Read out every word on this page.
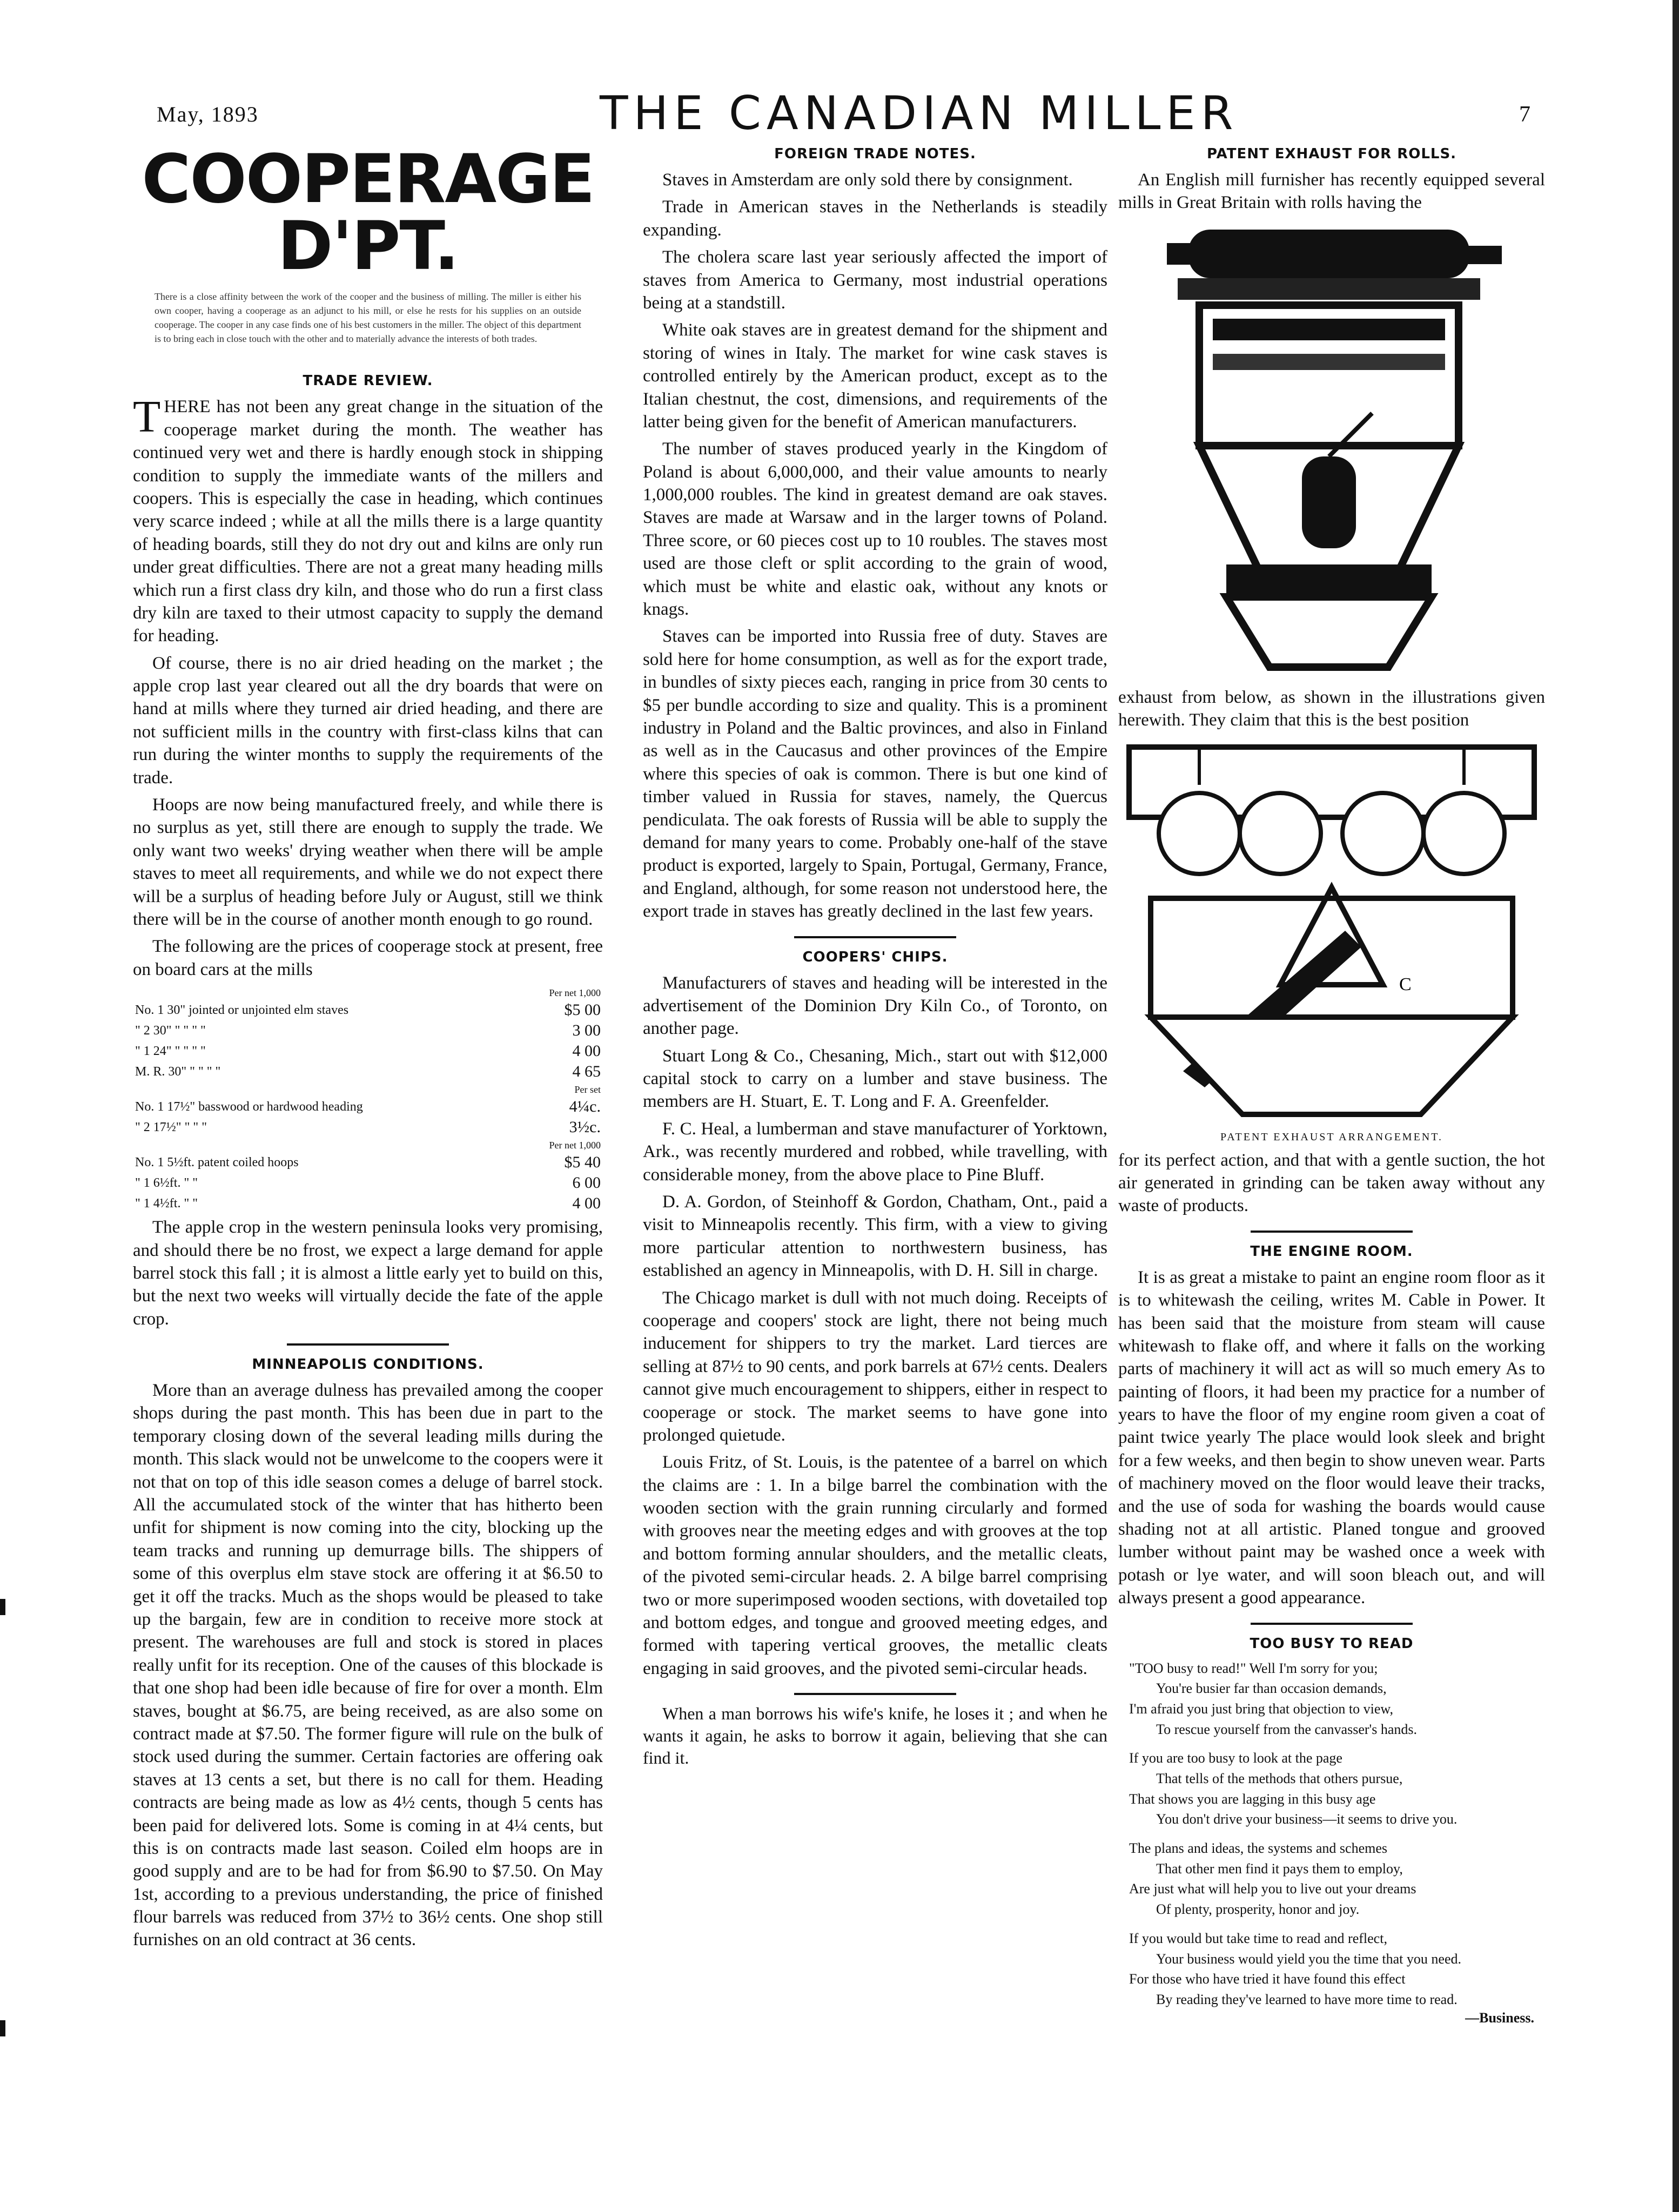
May, 1893	THE CANADIAN MILLER	7
COOPERAGE D'PT.
There is a close affinity between the work of the cooper and the business of milling. The miller is either his own cooper, having a cooperage as an adjunct to his mill, or else he rests for his supplies on an outside cooperage. The cooper in any case finds one of his best customers in the miller. The object of this department is to bring each in close touch with the other and to materially advance the interests of both trades.
TRADE REVIEW.

THERE has not been any great change in the situation of the cooperage market during the month. The weather has continued very wet and there is hardly enough stock in shipping condition to supply the immediate wants of the millers and coopers. This is especially the case in heading, which continues very scarce indeed ; while at all the mills there is a large quantity of heading boards, still they do not dry out and kilns are only run under great difficulties. There are not a great many heading mills which run a first class dry kiln, and those who do run a first class dry kiln are taxed to their utmost capacity to supply the demand for heading.

Of course, there is no air dried heading on the market ; the apple crop last year cleared out all the dry boards that were on hand at mills where they turned air dried heading, and there are not sufficient mills in the country with first-class kilns that can run during the winter months to supply the requirements of the trade.

Hoops are now being manufactured freely, and while there is no surplus as yet, still there are enough to supply the trade. We only want two weeks' drying weather when there will be ample staves to meet all requirements, and while we do not expect there will be a surplus of heading before July or August, still we think there will be in the course of another month enough to go round.

The following are the prices of cooperage stock at present, free on board cars at the mills

	Per net 1,000
No. 1 30" jointed or unjointed elm staves	$5 00
" 2 30" " " " "	3 00
" 1 24" " " " "	4 00
M. R. 30" " " " "	4 65
	Per set
No. 1 17½" basswood or hardwood heading	4¼c.
" 2 17½" " " "	3½c.
	Per net 1,000
No. 1 5½ft. patent coiled hoops	$5 40
" 1 6½ft. " "	6 00
" 1 4½ft. " "	4 00

The apple crop in the western peninsula looks very promising, and should there be no frost, we expect a large demand for apple barrel stock this fall ; it is almost a little early yet to build on this, but the next two weeks will virtually decide the fate of the apple crop.

MINNEAPOLIS CONDITIONS.

More than an average dulness has prevailed among the cooper shops during the past month. This has been due in part to the temporary closing down of the several leading mills during the month. This slack would not be unwelcome to the coopers were it not that on top of this idle season comes a deluge of barrel stock. All the accumulated stock of the winter that has hitherto been unfit for shipment is now coming into the city, blocking up the team tracks and running up demurrage bills. The shippers of some of this overplus elm stave stock are offering it at $6.50 to get it off the tracks. Much as the shops would be pleased to take up the bargain, few are in condition to receive more stock at present. The warehouses are full and stock is stored in places really unfit for its reception. One of the causes of this blockade is that one shop had been idle because of fire for over a month. Elm staves, bought at $6.75, are being received, as are also some on contract made at $7.50. The former figure will rule on the bulk of stock used during the summer. Certain factories are offering oak staves at 13 cents a set, but there is no call for them. Heading contracts are being made as low as 4½ cents, though 5 cents has been paid for delivered lots. Some is coming in at 4¼ cents, but this is on contracts made last season. Coiled elm hoops are in good supply and are to be had for from $6.90 to $7.50. On May 1st, according to a previous understanding, the price of finished flour barrels was reduced from 37½ to 36½ cents. One shop still furnishes on an old contract at 36 cents.

FOREIGN TRADE NOTES.

Staves in Amsterdam are only sold there by consignment.

Trade in American staves in the Netherlands is steadily expanding.

The cholera scare last year seriously affected the import of staves from America to Germany, most industrial operations being at a standstill.

White oak staves are in greatest demand for the shipment and storing of wines in Italy. The market for wine cask staves is controlled entirely by the American product, except as to the Italian chestnut, the cost, dimensions, and requirements of the latter being given for the benefit of American manufacturers.

The number of staves produced yearly in the Kingdom of Poland is about 6,000,000, and their value amounts to nearly 1,000,000 roubles. The kind in greatest demand are oak staves. Staves are made at Warsaw and in the larger towns of Poland. Three score, or 60 pieces cost up to 10 roubles. The staves most used are those cleft or split according to the grain of wood, which must be white and elastic oak, without any knots or knags.

Staves can be imported into Russia free of duty. Staves are sold here for home consumption, as well as for the export trade, in bundles of sixty pieces each, ranging in price from 30 cents to $5 per bundle according to size and quality. This is a prominent industry in Poland and the Baltic provinces, and also in Finland as well as in the Caucasus and other provinces of the Empire where this species of oak is common. There is but one kind of timber valued in Russia for staves, namely, the Quercus pendiculata. The oak forests of Russia will be able to supply the demand for many years to come. Probably one-half of the stave product is exported, largely to Spain, Portugal, Germany, France, and England, although, for some reason not understood here, the export trade in staves has greatly declined in the last few years.

COOPERS' CHIPS.

Manufacturers of staves and heading will be interested in the advertisement of the Dominion Dry Kiln Co., of Toronto, on another page.

Stuart Long & Co., Chesaning, Mich., start out with $12,000 capital stock to carry on a lumber and stave business. The members are H. Stuart, E. T. Long and F. A. Greenfelder.

F. C. Heal, a lumberman and stave manufacturer of Yorktown, Ark., was recently murdered and robbed, while travelling, with considerable money, from the above place to Pine Bluff.

D. A. Gordon, of Steinhoff & Gordon, Chatham, Ont., paid a visit to Minneapolis recently. This firm, with a view to giving more particular attention to northwestern business, has established an agency in Minneapolis, with D. H. Sill in charge.

The Chicago market is dull with not much doing. Receipts of cooperage and coopers' stock are light, there not being much inducement for shippers to try the market. Lard tierces are selling at 87½ to 90 cents, and pork barrels at 67½ cents. Dealers cannot give much encouragement to shippers, either in respect to cooperage or stock. The market seems to have gone into prolonged quietude.

Louis Fritz, of St. Louis, is the patentee of a barrel on which the claims are : 1. In a bilge barrel the combination with the wooden section with the grain running circularly and formed with grooves near the meeting edges and with grooves at the top and bottom forming annular shoulders, and the metallic cleats, of the pivoted semi-circular heads. 2. A bilge barrel comprising two or more superimposed wooden sections, with dovetailed top and bottom edges, and tongue and grooved meeting edges, and formed with tapering vertical grooves, the metallic cleats engaging in said grooves, and the pivoted semi-circular heads.

When a man borrows his wife's knife, he loses it ; and when he wants it again, he asks to borrow it again, believing that she can find it.
PATENT EXHAUST FOR ROLLS.

An English mill furnisher has recently equipped several mills in Great Britain with rolls having the

exhaust from below, as shown in the illustrations given herewith. They claim that this is the best position

C
PATENT EXHAUST ARRANGEMENT.

for its perfect action, and that with a gentle suction, the hot air generated in grinding can be taken away without any waste of products.

THE ENGINE ROOM.

It is as great a mistake to paint an engine room floor as it is to whitewash the ceiling, writes M. Cable in Power. It has been said that the moisture from steam will cause whitewash to flake off, and where it falls on the working parts of machinery it will act as will so much emery As to painting of floors, it had been my practice for a number of years to have the floor of my engine room given a coat of paint twice yearly The place would look sleek and bright for a few weeks, and then begin to show uneven wear. Parts of machinery moved on the floor would leave their tracks, and the use of soda for washing the boards would cause shading not at all artistic. Planed tongue and grooved lumber without paint may be washed once a week with potash or lye water, and will soon bleach out, and will always present a good appearance.

TOO BUSY TO READ
"TOO busy to read!" Well I'm sorry for you;
You're busier far than occasion demands,
I'm afraid you just bring that objection to view,
To rescue yourself from the canvasser's hands.
If you are too busy to look at the page
That tells of the methods that others pursue,
That shows you are lagging in this busy age
You don't drive your business—it seems to drive you.
The plans and ideas, the systems and schemes
That other men find it pays them to employ,
Are just what will help you to live out your dreams
Of plenty, prosperity, honor and joy.
If you would but take time to read and reflect,
Your business would yield you the time that you need.
For those who have tried it have found this effect
By reading they've learned to have more time to read.
—Business.
